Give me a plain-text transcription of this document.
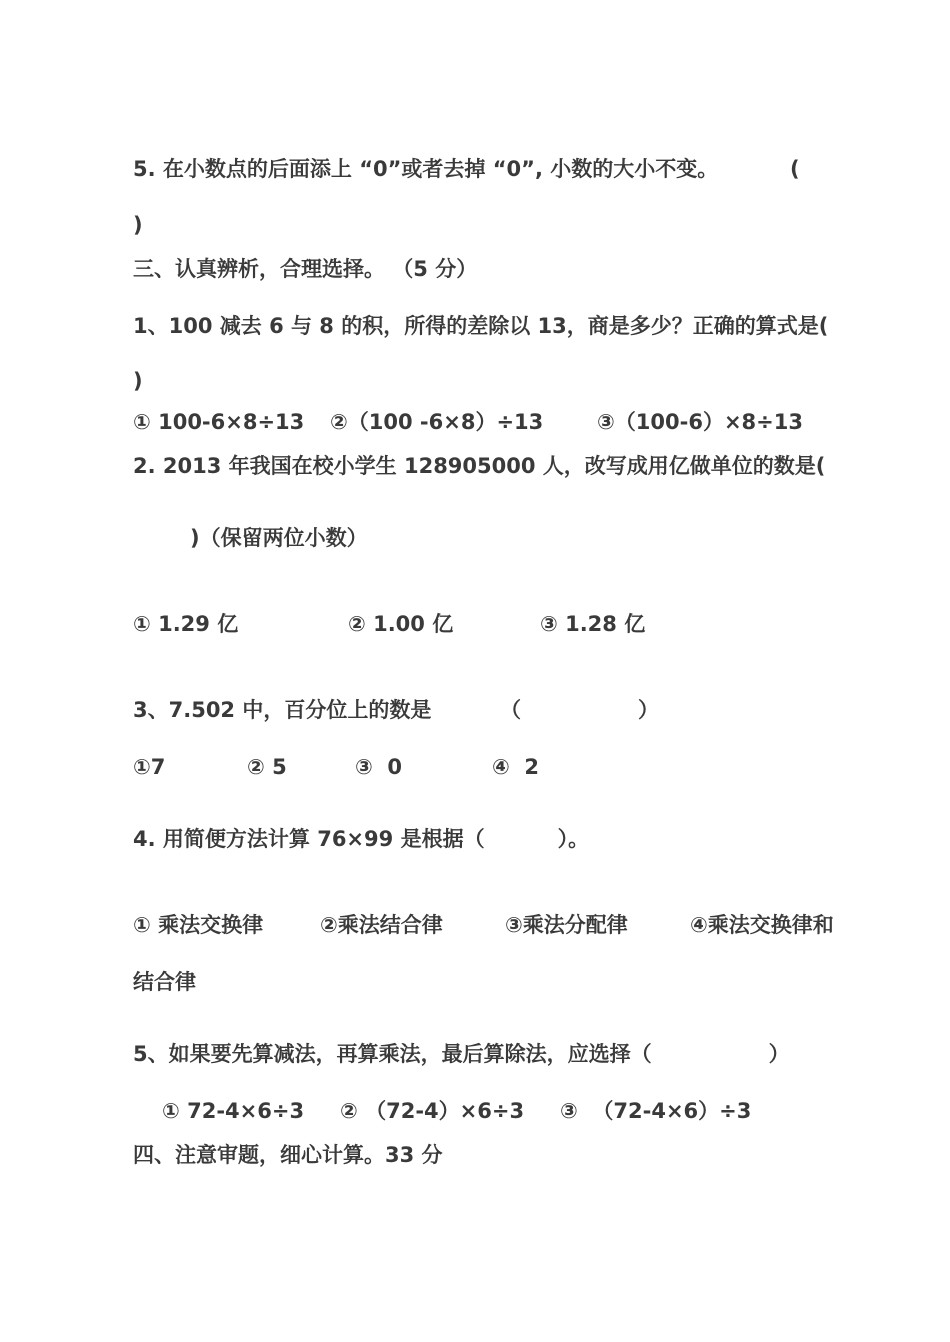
5. 在小数点的后面添上 “0”或者去掉 “0”, 小数的大小不变。	(
)
三、认真辨析，合理选择。 （5 分）
1、100 减去 6 与 8 的积，所得的差除以 13，商是多少？正确的算式是(
)
① 100-6×8÷13 ②（100 -6×8）÷13	③（100-6）×8÷13
2. 2013 年我国在校小学生 128905000 人，改写成用亿做单位的数是(
)（保留两位小数）
① 1.29 亿	② 1.00 亿	③ 1.28 亿
3、7.502 中，百分位上的数是	（                ）
①7	② 5	③  0	④  2
4. 用简便方法计算 76×99 是根据（          ）。
① 乘法交换律	②乘法结合律	③乘法分配律	④乘法交换律和
结合律
5、如果要先算减法，再算乘法，最后算除法，应选择（                ）
① 72-4×6÷3 ② （72-4）×6÷3 ③  （72-4×6）÷3
四、注意审题，细心计算。33 分
